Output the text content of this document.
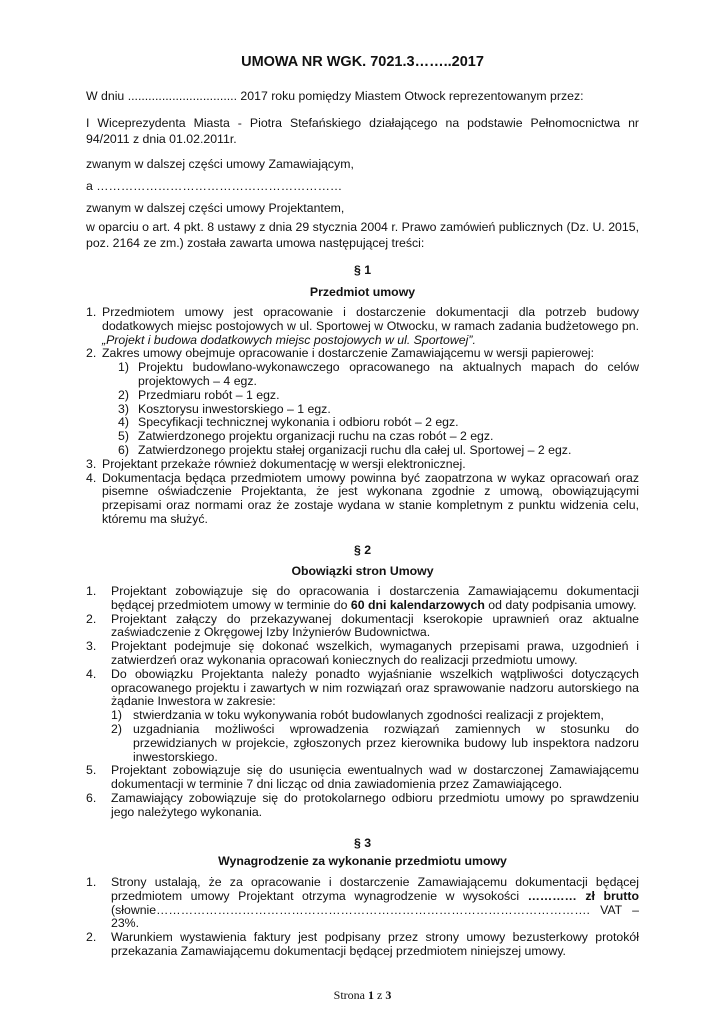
UMOWA NR WGK. 7021.3……..2017

W dniu ................................ 2017 roku pomiędzy Miastem Otwock reprezentowanym przez:

I Wiceprezydenta Miasta - Piotra Stefańskiego działającego na podstawie Pełnomocnictwa nr 94/2011 z dnia 01.02.2011r.

zwanym w dalszej części umowy Zamawiającym,

a ……………………………………………………

zwanym w dalszej części umowy Projektantem,

w oparciu o art. 4 pkt. 8 ustawy z dnia 29 stycznia 2004 r. Prawo zamówień publicznych (Dz. U. 2015, poz. 2164 ze zm.) została zawarta umowa następującej treści:

§ 1
Przedmiot umowy
1. Przedmiotem umowy jest opracowanie i dostarczenie dokumentacji dla potrzeb budowy dodatkowych miejsc postojowych w ul. Sportowej w Otwocku, w ramach zadania budżetowego pn. „Projekt i budowa dodatkowych miejsc postojowych w ul. Sportowej”.
2. Zakres umowy obejmuje opracowanie i dostarczenie Zamawiającemu w wersji papierowej:
1) Projektu budowlano-wykonawczego opracowanego na aktualnych mapach do celów projektowych – 4 egz.
2) Przedmiaru robót – 1 egz.
3) Kosztorysu inwestorskiego – 1 egz.
4) Specyfikacji technicznej wykonania i odbioru robót – 2 egz.
5) Zatwierdzonego projektu organizacji ruchu na czas robót – 2 egz.
6) Zatwierdzonego projektu stałej organizacji ruchu dla całej ul. Sportowej – 2 egz.
3. Projektant przekaże również dokumentację w wersji elektronicznej.
4. Dokumentacja będąca przedmiotem umowy powinna być zaopatrzona w wykaz opracowań oraz pisemne oświadczenie Projektanta, że jest wykonana zgodnie z umową, obowiązującymi przepisami oraz normami oraz że zostaje wydana w stanie kompletnym z punktu widzenia celu, któremu ma służyć.
§ 2
Obowiązki stron Umowy
1. Projektant zobowiązuje się do opracowania i dostarczenia Zamawiającemu dokumentacji będącej przedmiotem umowy w terminie do 60 dni kalendarzowych od daty podpisania umowy.
2. Projektant załączy do przekazywanej dokumentacji kserokopie uprawnień oraz aktualne zaświadczenie z Okręgowej Izby Inżynierów Budownictwa.
3. Projektant podejmuje się dokonać wszelkich, wymaganych przepisami prawa, uzgodnień i zatwierdzeń oraz wykonania opracowań koniecznych do realizacji przedmiotu umowy.
4. Do obowiązku Projektanta należy ponadto wyjaśnianie wszelkich wątpliwości dotyczących opracowanego projektu i zawartych w nim rozwiązań oraz sprawowanie nadzoru autorskiego na żądanie Inwestora w zakresie:
1) stwierdzania w toku wykonywania robót budowlanych zgodności realizacji z projektem,
2) uzgadniania możliwości wprowadzenia rozwiązań zamiennych w stosunku do przewidzianych w projekcie, zgłoszonych przez kierownika budowy lub inspektora nadzoru inwestorskiego.
5. Projektant zobowiązuje się do usunięcia ewentualnych wad w dostarczonej Zamawiającemu dokumentacji w terminie 7 dni licząc od dnia zawiadomienia przez Zamawiającego.
6. Zamawiający zobowiązuje się do protokolarnego odbioru przedmiotu umowy po sprawdzeniu jego należytego wykonania.
§ 3
Wynagrodzenie za wykonanie przedmiotu umowy
1. Strony ustalają, że za opracowanie i dostarczenie Zamawiającemu dokumentacji będącej przedmiotem umowy Projektant otrzyma wynagrodzenie w wysokości ………… zł brutto (słownie……………………………………………………………………………………………. VAT – 23%.
2. Warunkiem wystawienia faktury jest podpisany przez strony umowy bezusterkowy protokół przekazania Zamawiającemu dokumentacji będącej przedmiotem niniejszej umowy.
Strona 1 z 3
